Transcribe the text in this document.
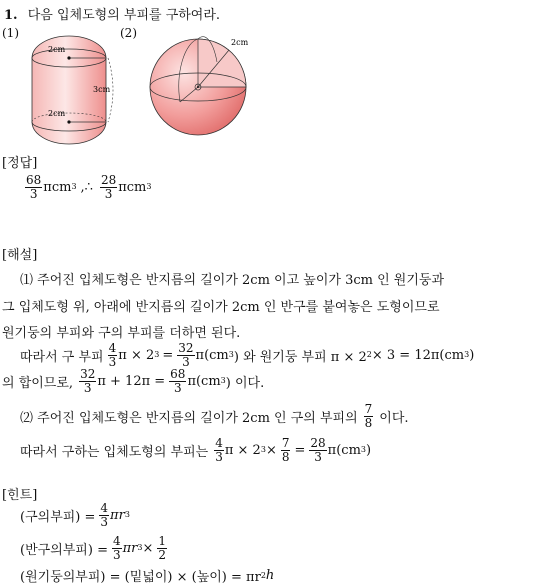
1. 다음 입체도형의 부피를 구하여라.
(1)	(2)
2cm
2cm
3cm
2cm
[정답]
$\frac{68}{3}$ πcm 3 ,∴ $\frac{28}{3}$ πcm 3
[해설]
⑴ 주어진 입체도형은 반지름의 길이가 2cm 이고 높이가 3cm 인 원기둥과
그 입체도형 위, 아래에 반지름의 길이가 2cm 인 반구를 붙여놓은 도형이므로
원기둥의 부피와 구의 부피를 더하면 된다.
따라서 구 부피 $\frac{4}{3}$ π × 2 $3 = \frac{32}{3} \pi(cm$ 3 ) 와 원기둥 부피 π × 2 2 × 3 = 12π(cm 3 )
의 합이므로, $\frac{32}{3}$ $\pi + 12\pi = \frac{68}{3} \pi(cm$ 3 ) 이다.
⑵ 주어진 입체도형은 반지름의 길이가 2cm 인 구의 부피의 $\frac{7}{8}$ 이다.
따라서 구하는 입체도형의 부피는 $\frac{4}{3}$ π × 2 $3 \times \frac{7}{8} = \frac{28}{3} \pi(cm$ 3 )
[힌트]
(구의부피) = $\frac{4}{3}$ πr 3
(반구의부피) = $\frac{4}{3}$ πr $3 \times \frac{1}{2}$
(원기둥의부피) = (밑넓이) × (높이) = πr 2 h
